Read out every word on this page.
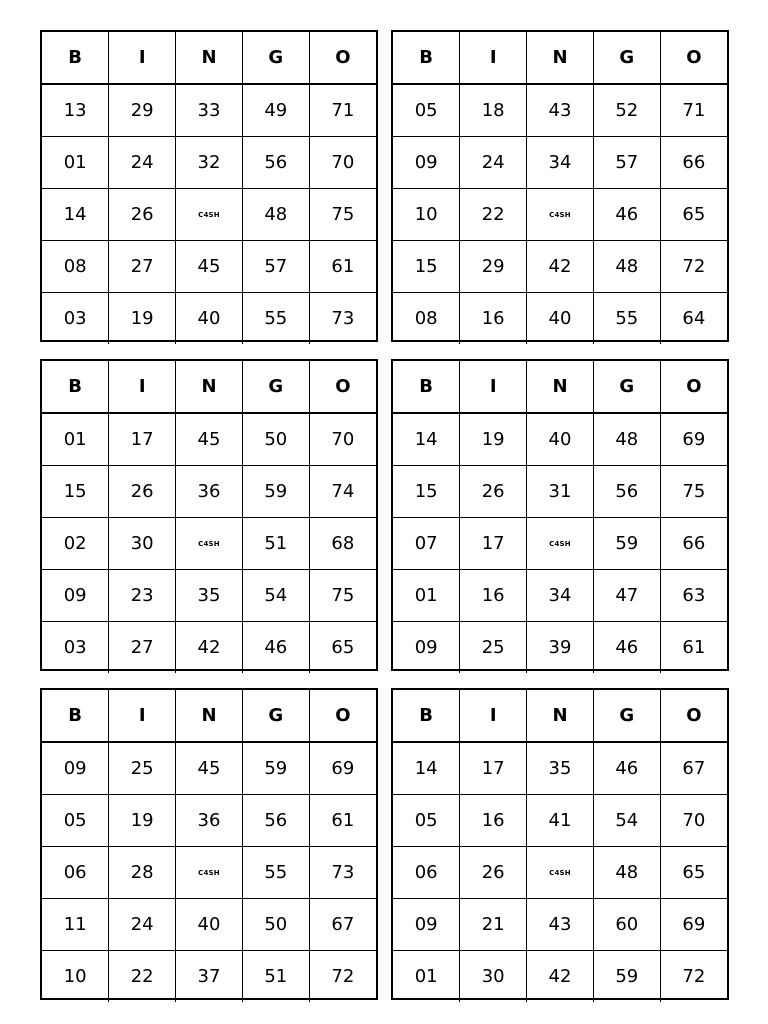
B	I	N	G	O
13	29	33	49	71
01	24	32	56	70
14	26	C4SH	48	75
08	27	45	57	61
03	19	40	55	73
B	I	N	G	O
05	18	43	52	71
09	24	34	57	66
10	22	C4SH	46	65
15	29	42	48	72
08	16	40	55	64
B	I	N	G	O
01	17	45	50	70
15	26	36	59	74
02	30	C4SH	51	68
09	23	35	54	75
03	27	42	46	65
B	I	N	G	O
14	19	40	48	69
15	26	31	56	75
07	17	C4SH	59	66
01	16	34	47	63
09	25	39	46	61
B	I	N	G	O
09	25	45	59	69
05	19	36	56	61
06	28	C4SH	55	73
11	24	40	50	67
10	22	37	51	72
B	I	N	G	O
14	17	35	46	67
05	16	41	54	70
06	26	C4SH	48	65
09	21	43	60	69
01	30	42	59	72
